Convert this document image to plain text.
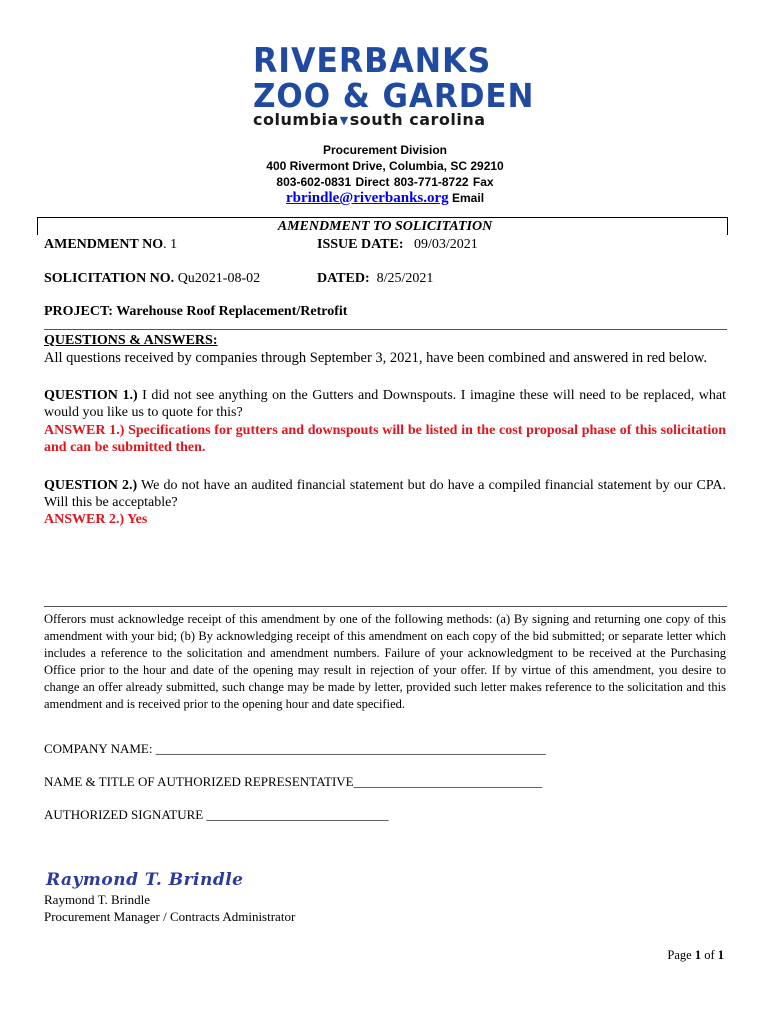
RIVERBANKS
ZOO & GARDEN
columbia▼south carolina
Procurement Division
400 Rivermont Drive, Columbia, SC 29210
803-602-0831 Direct 803-771-8722 Fax
rbrindle@riverbanks.org Email
AMENDMENT TO SOLICITATION
AMENDMENT NO. 1	ISSUE DATE: 09/03/2021
SOLICITATION NO. Qu2021-08-02	DATED: 8/25/2021
PROJECT: Warehouse Roof Replacement/Retrofit
QUESTIONS & ANSWERS:
All questions received by companies through September 3, 2021, have been combined and answered in red below.
QUESTION 1.) I did not see anything on the Gutters and Downspouts. I imagine these will need to be replaced, what would you like us to quote for this?
ANSWER 1.) Specifications for gutters and downspouts will be listed in the cost proposal phase of this solicitation and can be submitted then.
QUESTION 2.) We do not have an audited financial statement but do have a compiled financial statement by our CPA. Will this be acceptable?
ANSWER 2.) Yes
Offerors must acknowledge receipt of this amendment by one of the following methods: (a) By signing and returning one copy of this amendment with your bid; (b) By acknowledging receipt of this amendment on each copy of the bid submitted; or separate letter which includes a reference to the solicitation and amendment numbers. Failure of your acknowledgment to be received at the Purchasing Office prior to the hour and date of the opening may result in rejection of your offer. If by virtue of this amendment, you desire to change an offer already submitted, such change may be made by letter, provided such letter makes reference to the solicitation and this amendment and is received prior to the opening hour and date specified.
COMPANY NAME: ____________________________________________________________
NAME & TITLE OF AUTHORIZED REPRESENTATIVE_____________________________
AUTHORIZED SIGNATURE ____________________________
Raymond T. Brindle
Raymond T. Brindle
Procurement Manager / Contracts Administrator
Page 1 of 1
